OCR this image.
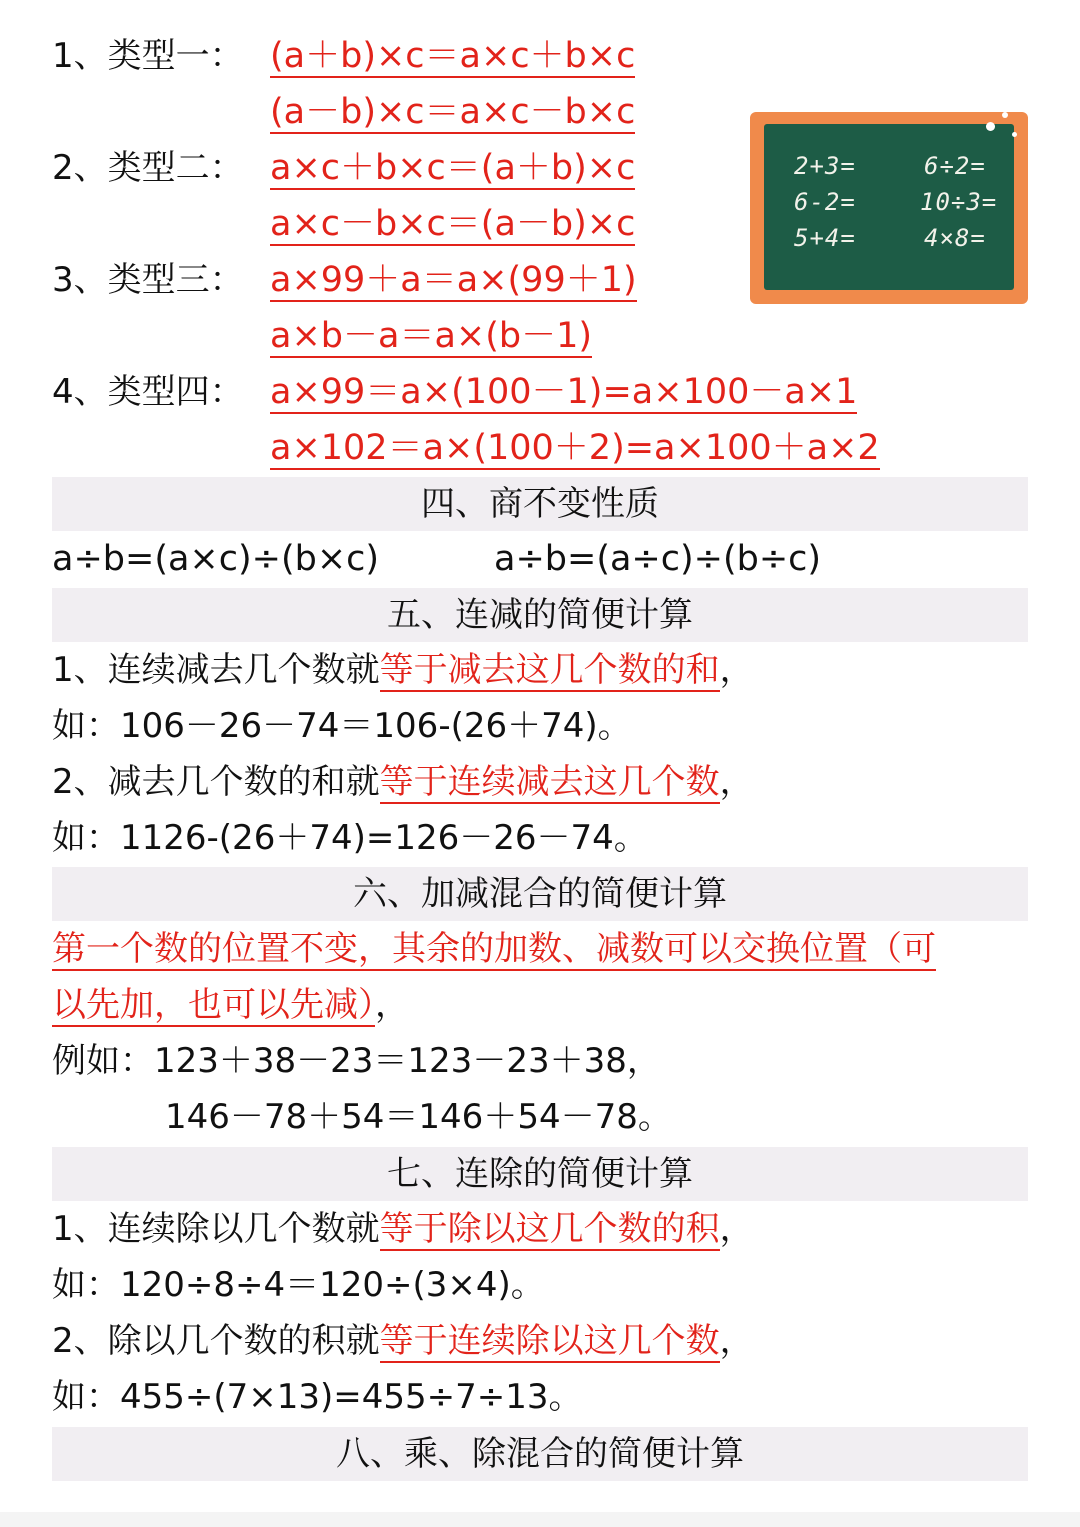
1、类型一： (a＋b)×c＝a×c＋b×c
(a－b)×c＝a×c－b×c
2、类型二： a×c＋b×c＝(a＋b)×c
a×c－b×c＝(a－b)×c
3、类型三： a×99＋a＝a×(99＋1)
a×b－a＝a×(b－1)
4、类型四： a×99＝a×(100－1)=a×100－a×1
a×102＝a×(100＋2)=a×100＋a×2
2+3=
6-2=
5+4=
6÷2=
10÷3=
4×8=
四、商不变性质
a÷b=(a×c)÷(b×c)	a÷b=(a÷c)÷(b÷c)
五、连减的简便计算
1、连续减去几个数就等于减去这几个数的和，
如：106－26－74＝106-(26＋74)。
2、减去几个数的和就等于连续减去这几个数，
如：1126-(26＋74)=126－26－74。
六、加减混合的简便计算
第一个数的位置不变，其余的加数、减数可以交换位置（可
以先加，也可以先减），
例如：123＋38－23＝123－23＋38，
146－78＋54＝146＋54－78。
七、连除的简便计算
1、连续除以几个数就等于除以这几个数的积，
如：120÷8÷4＝120÷(3×4)。
2、除以几个数的积就等于连续除以这几个数，
如：455÷(7×13)=455÷7÷13。
八、乘、除混合的简便计算
